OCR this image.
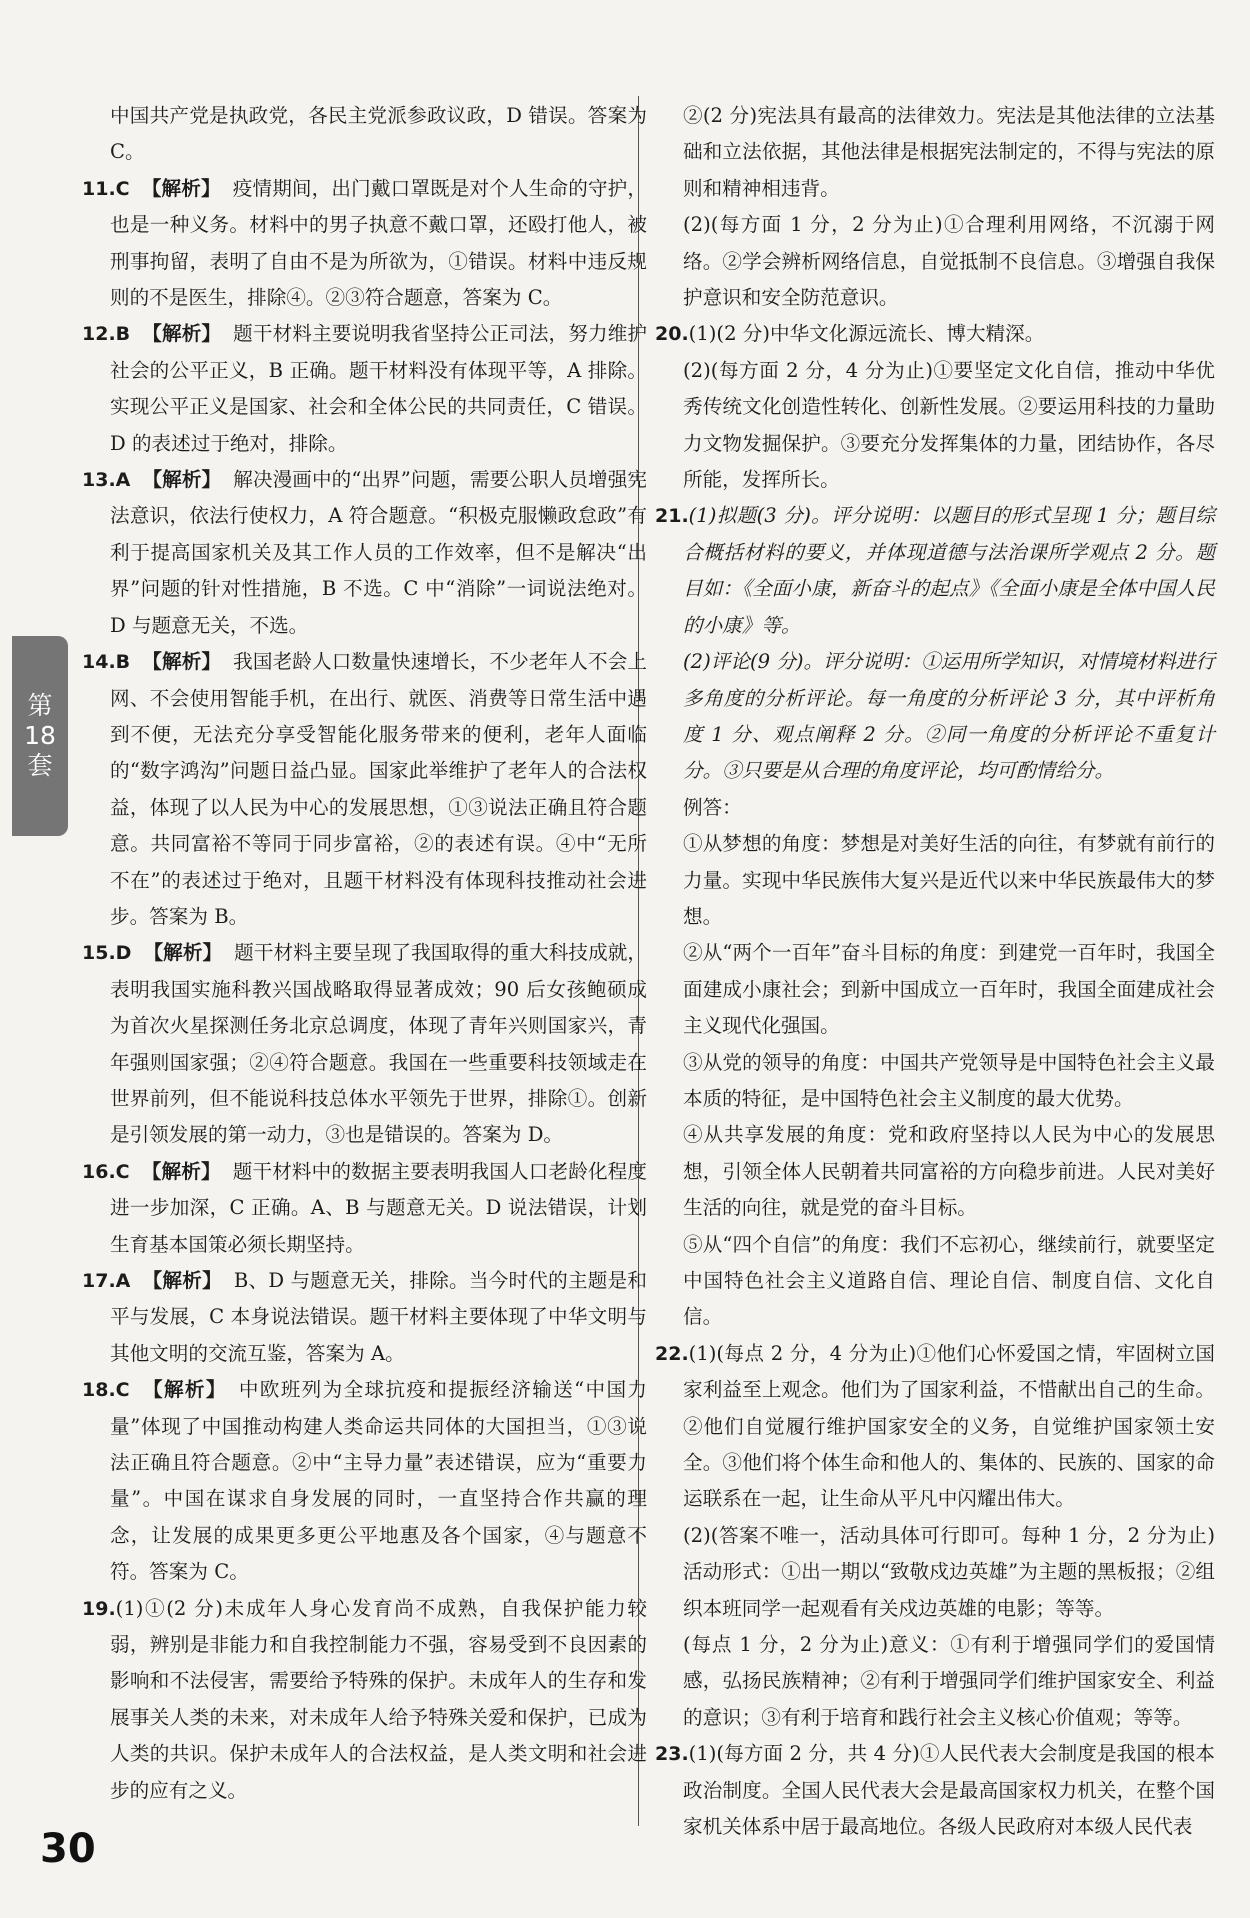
第
18
套

中国共产党是执政党，各民主党派参政议政，D 错误。答案为 C。

11.C 【解析】 疫情期间，出门戴口罩既是对个人生命的守护，也是一种义务。材料中的男子执意不戴口罩，还殴打他人，被刑事拘留，表明了自由不是为所欲为，①错误。材料中违反规则的不是医生，排除④。②③符合题意，答案为 C。

12.B 【解析】 题干材料主要说明我省坚持公正司法，努力维护社会的公平正义，B 正确。题干材料没有体现平等，A 排除。实现公平正义是国家、社会和全体公民的共同责任，C 错误。D 的表述过于绝对，排除。

13.A 【解析】 解决漫画中的“出界”问题，需要公职人员增强宪法意识，依法行使权力，A 符合题意。“积极克服懒政怠政”有利于提高国家机关及其工作人员的工作效率，但不是解决“出界”问题的针对性措施，B 不选。C 中“消除”一词说法绝对。D 与题意无关，不选。

14.B 【解析】 我国老龄人口数量快速增长，不少老年人不会上网、不会使用智能手机，在出行、就医、消费等日常生活中遇到不便，无法充分享受智能化服务带来的便利，老年人面临的“数字鸿沟”问题日益凸显。国家此举维护了老年人的合法权益，体现了以人民为中心的发展思想，①③说法正确且符合题意。共同富裕不等同于同步富裕，②的表述有误。④中“无所不在”的表述过于绝对，且题干材料没有体现科技推动社会进步。答案为 B。

15.D 【解析】 题干材料主要呈现了我国取得的重大科技成就，表明我国实施科教兴国战略取得显著成效；90 后女孩鲍硕成为首次火星探测任务北京总调度，体现了青年兴则国家兴，青年强则国家强；②④符合题意。我国在一些重要科技领域走在世界前列，但不能说科技总体水平领先于世界，排除①。创新是引领发展的第一动力，③也是错误的。答案为 D。

16.C 【解析】 题干材料中的数据主要表明我国人口老龄化程度进一步加深，C 正确。A、B 与题意无关。D 说法错误，计划生育基本国策必须长期坚持。

17.A 【解析】 B、D 与题意无关，排除。当今时代的主题是和平与发展，C 本身说法错误。题干材料主要体现了中华文明与其他文明的交流互鉴，答案为 A。

18.C 【解析】 中欧班列为全球抗疫和提振经济输送“中国力量”体现了中国推动构建人类命运共同体的大国担当，①③说法正确且符合题意。②中“主导力量”表述错误，应为“重要力量”。中国在谋求自身发展的同时，一直坚持合作共赢的理念，让发展的成果更多更公平地惠及各个国家，④与题意不符。答案为 C。

19.(1)①(2 分)未成年人身心发育尚不成熟，自我保护能力较弱，辨别是非能力和自我控制能力不强，容易受到不良因素的影响和不法侵害，需要给予特殊的保护。未成年人的生存和发展事关人类的未来，对未成年人给予特殊关爱和保护，已成为人类的共识。保护未成年人的合法权益，是人类文明和社会进步的应有之义。

②(2 分)宪法具有最高的法律效力。宪法是其他法律的立法基础和立法依据，其他法律是根据宪法制定的，不得与宪法的原则和精神相违背。

(2)(每方面 1 分，2 分为止)①合理利用网络，不沉溺于网络。②学会辨析网络信息，自觉抵制不良信息。③增强自我保护意识和安全防范意识。

20.(1)(2 分)中华文化源远流长、博大精深。

(2)(每方面 2 分，4 分为止)①要坚定文化自信，推动中华优秀传统文化创造性转化、创新性发展。②要运用科技的力量助力文物发掘保护。③要充分发挥集体的力量，团结协作，各尽所能，发挥所长。

21.(1)拟题(3 分)。评分说明：以题目的形式呈现 1 分；题目综合概括材料的要义，并体现道德与法治课所学观点 2 分。题目如：《全面小康，新奋斗的起点》《全面小康是全体中国人民的小康》等。

(2)评论(9 分)。评分说明：①运用所学知识，对情境材料进行多角度的分析评论。每一角度的分析评论 3 分，其中评析角度 1 分、观点阐释 2 分。②同一角度的分析评论不重复计分。③只要是从合理的角度评论，均可酌情给分。

例答：

①从梦想的角度：梦想是对美好生活的向往，有梦就有前行的力量。实现中华民族伟大复兴是近代以来中华民族最伟大的梦想。

②从“两个一百年”奋斗目标的角度：到建党一百年时，我国全面建成小康社会；到新中国成立一百年时，我国全面建成社会主义现代化强国。

③从党的领导的角度：中国共产党领导是中国特色社会主义最本质的特征，是中国特色社会主义制度的最大优势。

④从共享发展的角度：党和政府坚持以人民为中心的发展思想，引领全体人民朝着共同富裕的方向稳步前进。人民对美好生活的向往，就是党的奋斗目标。

⑤从“四个自信”的角度：我们不忘初心，继续前行，就要坚定中国特色社会主义道路自信、理论自信、制度自信、文化自信。

22.(1)(每点 2 分，4 分为止)①他们心怀爱国之情，牢固树立国家利益至上观念。他们为了国家利益，不惜献出自己的生命。②他们自觉履行维护国家安全的义务，自觉维护国家领土安全。③他们将个体生命和他人的、集体的、民族的、国家的命运联系在一起，让生命从平凡中闪耀出伟大。

(2)(答案不唯一，活动具体可行即可。每种 1 分，2 分为止)活动形式：①出一期以“致敬戍边英雄”为主题的黑板报；②组织本班同学一起观看有关戍边英雄的电影；等等。

(每点 1 分，2 分为止)意义：①有利于增强同学们的爱国情感，弘扬民族精神；②有利于增强同学们维护国家安全、利益的意识；③有利于培育和践行社会主义核心价值观；等等。

23.(1)(每方面 2 分，共 4 分)①人民代表大会制度是我国的根本政治制度。全国人民代表大会是最高国家权力机关，在整个国家机关体系中居于最高地位。各级人民政府对本级人民代表

30
